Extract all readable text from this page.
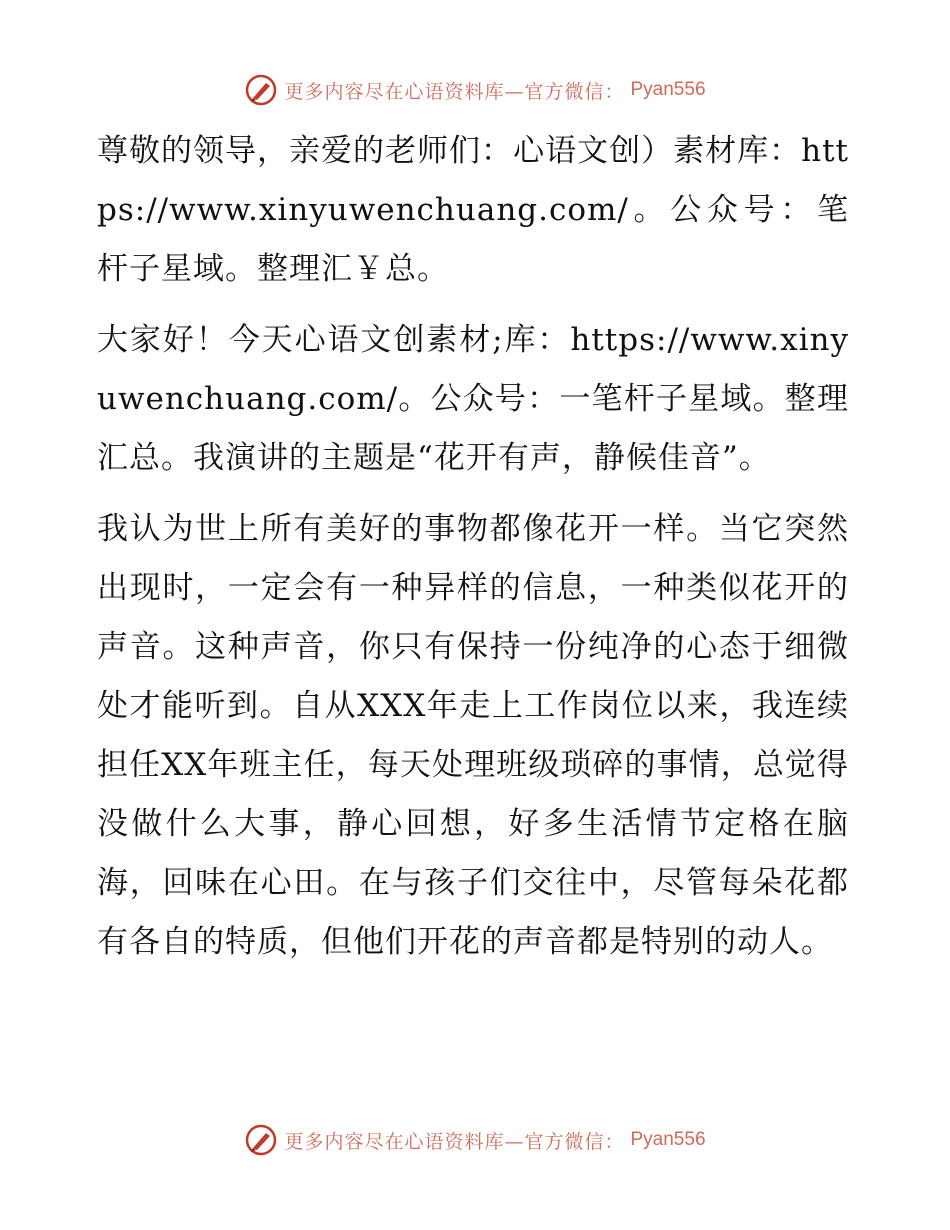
更多内容尽在心语资料库—官方微信： Pyan556

尊敬的领导，亲爱的老师们：心语文创）素材库：https://www.xinyuwenchuang.com/。公众号：笔杆子星域。整理汇￥总。

大家好！今天心语文创素材;库：https://www.xinyuwenchuang.com/。公众号：一笔杆子星域。整理汇总。我演讲的主题是“花开有声，静候佳音”。

我认为世上所有美好的事物都像花开一样。当它突然出现时，一定会有一种异样的信息，一种类似花开的声音。这种声音，你只有保持一份纯净的心态于细微处才能听到。自从XXX年走上工作岗位以来，我连续担任XX年班主任，每天处理班级琐碎的事情，总觉得没做什么大事，静心回想，好多生活情节定格在脑海，回味在心田。在与孩子们交往中，尽管每朵花都有各自的特质，但他们开花的声音都是特别的动人。

更多内容尽在心语资料库—官方微信： Pyan556
